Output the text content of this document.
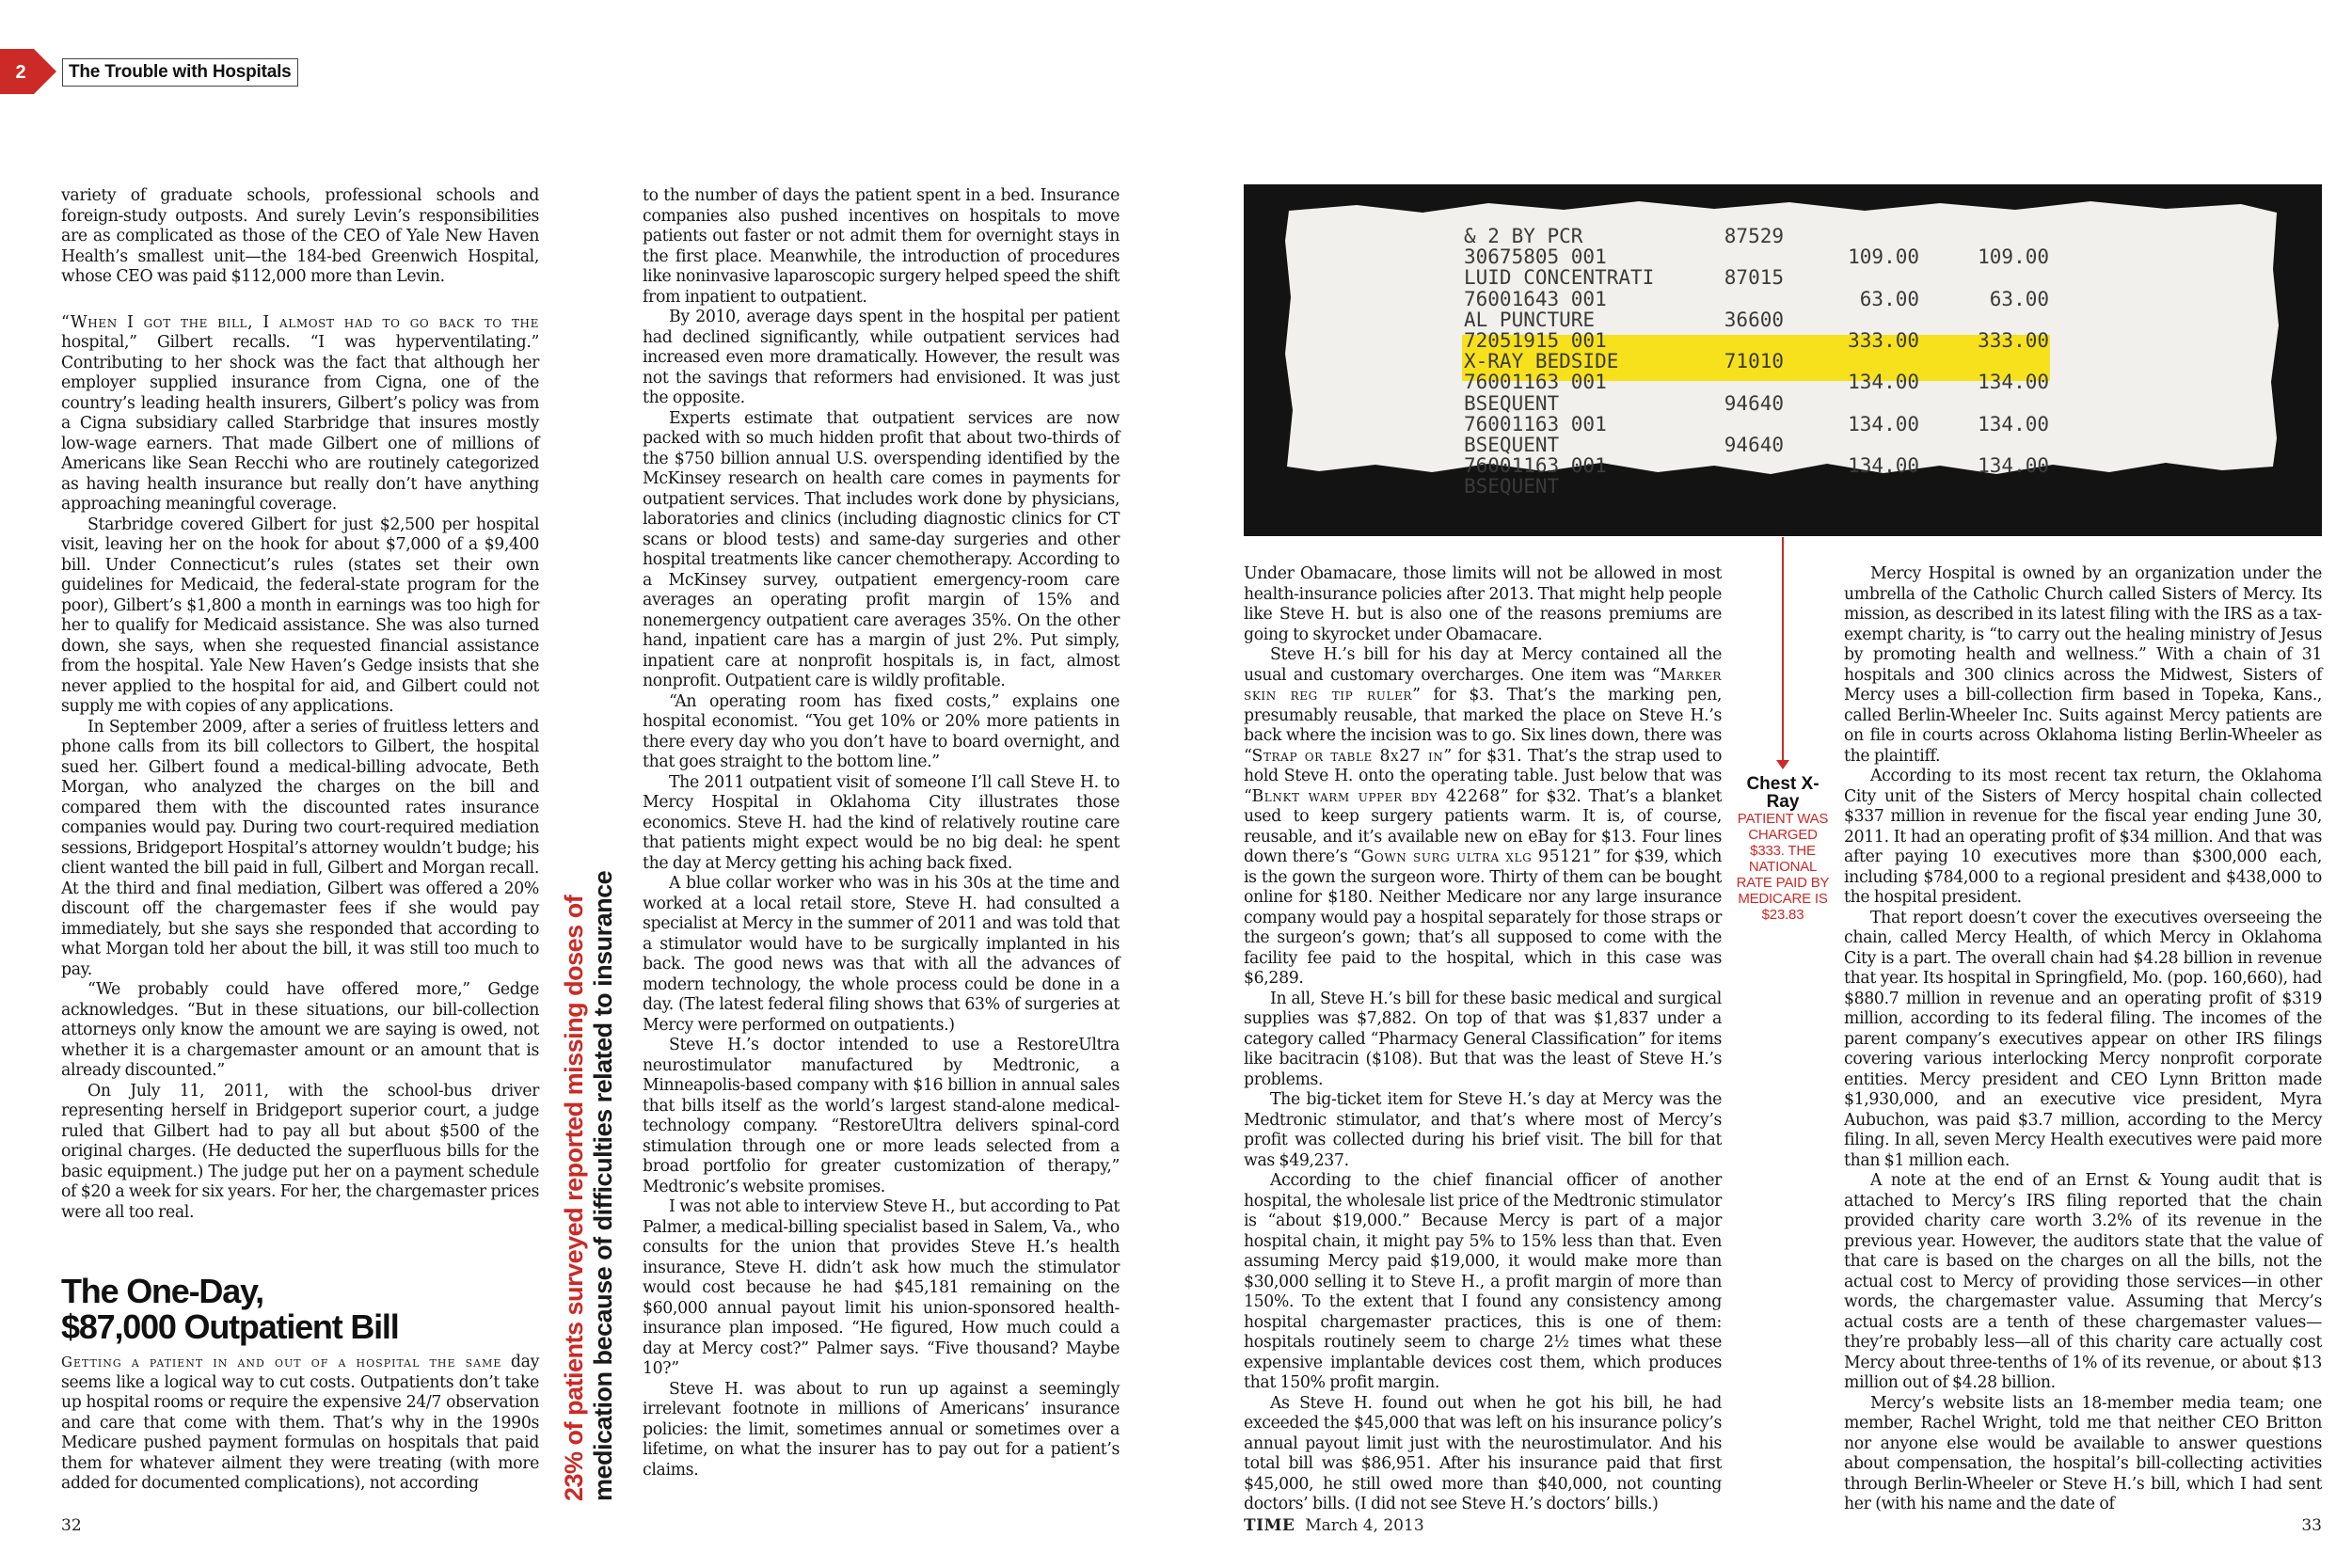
2	The Trouble with Hospitals

variety of graduate schools, professional schools and foreign-study outposts. And surely Levin’s responsibilities are as complicated as those of the CEO of Yale New Haven Health’s smallest unit—the 184-bed Greenwich Hospital, whose CEO was paid $112,000 more than Levin.

“When I got the bill, I almost had to go back to the hospital,” Gilbert recalls. “I was hyperventilating.” Contributing to her shock was the fact that although her employer supplied insurance from Cigna, one of the country’s leading health insurers, Gilbert’s policy was from a Cigna subsidiary called Starbridge that insures mostly low-wage earners. That made Gilbert one of millions of Americans like Sean Recchi who are routinely categorized as having health insurance but really don’t have anything approaching meaningful coverage.

Starbridge covered Gilbert for just $2,500 per hospital visit, leaving her on the hook for about $7,000 of a $9,400 bill. Under Connecticut’s rules (states set their own guidelines for Medicaid, the federal-state program for the poor), Gilbert’s $1,800 a month in earnings was too high for her to qualify for Medicaid assistance. She was also turned down, she says, when she requested financial assistance from the hospital. Yale New Haven’s Gedge insists that she never applied to the hospital for aid, and Gilbert could not supply me with copies of any applications.

In September 2009, after a series of fruitless letters and phone calls from its bill collectors to Gilbert, the hospital sued her. Gilbert found a medical-billing advocate, Beth Morgan, who analyzed the charges on the bill and compared them with the discounted rates insurance companies would pay. During two court-required mediation sessions, Bridgeport Hospital’s attorney wouldn’t budge; his client wanted the bill paid in full, Gilbert and Morgan recall. At the third and final mediation, Gilbert was offered a 20% discount off the chargemaster fees if she would pay immediately, but she says she responded that according to what Morgan told her about the bill, it was still too much to pay.

“We probably could have offered more,” Gedge acknowledges. “But in these situations, our bill-collection attorneys only know the amount we are saying is owed, not whether it is a chargemaster amount or an amount that is already discounted.”

On July 11, 2011, with the school-bus driver representing herself in Bridgeport superior court, a judge ruled that Gilbert had to pay all but about $500 of the original charges. (He deducted the superfluous bills for the basic equipment.) The judge put her on a payment schedule of $20 a week for six years. For her, the chargemaster prices were all too real.

The One-Day,
$87,000 Outpatient Bill

Getting a patient in and out of a hospital the same day seems like a logical way to cut costs. Outpatients don’t take up hospital rooms or require the expensive 24/7 observation and care that come with them. That’s why in the 1990s Medicare pushed payment formulas on hospitals that paid them for whatever ailment they were treating (with more added for documented complications), not according	23% of patients surveyed reported missing doses of medication because of difficulties related to insurance

to the number of days the patient spent in a bed. Insurance companies also pushed incentives on hospitals to move patients out faster or not admit them for overnight stays in the first place. Meanwhile, the introduction of procedures like noninvasive laparoscopic surgery helped speed the shift from inpatient to outpatient.

By 2010, average days spent in the hospital per patient had declined significantly, while outpatient services had increased even more dramatically. However, the result was not the savings that reformers had envisioned. It was just the opposite.

Experts estimate that outpatient services are now packed with so much hidden profit that about two-thirds of the $750 billion annual U.S. overspending identified by the McKinsey research on health care comes in payments for outpatient services. That includes work done by physicians, laboratories and clinics (including diagnostic clinics for CT scans or blood tests) and same-day surgeries and other hospital treatments like cancer chemotherapy. According to a McKinsey survey, outpatient emergency-room care averages an operating profit margin of 15% and nonemergency outpatient care averages 35%. On the other hand, inpatient care has a margin of just 2%. Put simply, inpatient care at nonprofit hospitals is, in fact, almost nonprofit. Outpatient care is wildly profitable.

“An operating room has fixed costs,” explains one hospital economist. “You get 10% or 20% more patients in there every day who you don’t have to board overnight, and that goes straight to the bottom line.”

The 2011 outpatient visit of someone I’ll call Steve H. to Mercy Hospital in Oklahoma City illustrates those economics. Steve H. had the kind of relatively routine care that patients might expect would be no big deal: he spent the day at Mercy getting his aching back fixed.

A blue collar worker who was in his 30s at the time and worked at a local retail store, Steve H. had consulted a specialist at Mercy in the summer of 2011 and was told that a stimulator would have to be surgically implanted in his back. The good news was that with all the advances of modern technology, the whole process could be done in a day. (The latest federal filing shows that 63% of surgeries at Mercy were performed on outpatients.)

Steve H.’s doctor intended to use a RestoreUltra neurostimulator manufactured by Medtronic, a Minneapolis-based company with $16 billion in annual sales that bills itself as the world’s largest stand-alone medical-technology company. “RestoreUltra delivers spinal-cord stimulation through one or more leads selected from a broad portfolio for greater customization of therapy,” Medtronic’s website promises.

I was not able to interview Steve H., but according to Pat Palmer, a medical-billing specialist based in Salem, Va., who consults for the union that provides Steve H.’s health insurance, Steve H. didn’t ask how much the stimulator would cost because he had $45,181 remaining on the $60,000 annual payout limit his union-sponsored health-insurance plan imposed. “He figured, How much could a day at Mercy cost?” Palmer says. “Five thousand? Maybe 10?”

Steve H. was about to run up against a seemingly irrelevant footnote in millions of Americans’ insurance policies: the limit, sometimes annual or sometimes over a lifetime, on what the insurer has to pay out for a patient’s claims.

& 2 BY PCR	87529
30675805 001	109.00	109.00
LUID CONCENTRATI	87015
76001643 001	63.00	63.00
AL PUNCTURE	36600
72051915 001	333.00	333.00
X-RAY BEDSIDE	71010
76001163 001	134.00	134.00
BSEQUENT	94640
76001163 001	134.00	134.00
BSEQUENT	94640
76001163 001	134.00	134.00
BSEQUENT
Chest X-Ray
PATIENT WAS CHARGED $333. THE NATIONAL RATE PAID BY MEDICARE IS $23.83

Under Obamacare, those limits will not be allowed in most health-insurance policies after 2013. That might help people like Steve H. but is also one of the reasons premiums are going to skyrocket under Obamacare.

Steve H.’s bill for his day at Mercy contained all the usual and customary overcharges. One item was “Marker skin reg tip ruler” for $3. That’s the marking pen, presumably reusable, that marked the place on Steve H.’s back where the incision was to go. Six lines down, there was “Strap or table 8x27 in” for $31. That’s the strap used to hold Steve H. onto the operating table. Just below that was “Blnkt warm upper bdy 42268” for $32. That’s a blanket used to keep surgery patients warm. It is, of course, reusable, and it’s available new on eBay for $13. Four lines down there’s “Gown surg ultra xlg 95121” for $39, which is the gown the surgeon wore. Thirty of them can be bought online for $180. Neither Medicare nor any large insurance company would pay a hospital separately for those straps or the surgeon’s gown; that’s all supposed to come with the facility fee paid to the hospital, which in this case was $6,289.

In all, Steve H.’s bill for these basic medical and surgical supplies was $7,882. On top of that was $1,837 under a category called “Pharmacy General Classification” for items like bacitracin ($108). But that was the least of Steve H.’s problems.

The big-ticket item for Steve H.’s day at Mercy was the Medtronic stimulator, and that’s where most of Mercy’s profit was collected during his brief visit. The bill for that was $49,237.

According to the chief financial officer of another hospital, the wholesale list price of the Medtronic stimulator is “about $19,000.” Because Mercy is part of a major hospital chain, it might pay 5% to 15% less than that. Even assuming Mercy paid $19,000, it would make more than $30,000 selling it to Steve H., a profit margin of more than 150%. To the extent that I found any consistency among hospital chargemaster practices, this is one of them: hospitals routinely seem to charge 2½ times what these expensive implantable devices cost them, which produces that 150% profit margin.

As Steve H. found out when he got his bill, he had exceeded the $45,000 that was left on his insurance policy’s annual payout limit just with the neurostimulator. And his total bill was $86,951. After his insurance paid that first $45,000, he still owed more than $40,000, not counting doctors’ bills. (I did not see Steve H.’s doctors’ bills.)

Mercy Hospital is owned by an organization under the umbrella of the Catholic Church called Sisters of Mercy. Its mission, as described in its latest filing with the IRS as a tax-exempt charity, is “to carry out the healing ministry of Jesus by promoting health and wellness.” With a chain of 31 hospitals and 300 clinics across the Midwest, Sisters of Mercy uses a bill-collection firm based in Topeka, Kans., called Berlin-Wheeler Inc. Suits against Mercy patients are on file in courts across Oklahoma listing Berlin-Wheeler as the plaintiff.

According to its most recent tax return, the Oklahoma City unit of the Sisters of Mercy hospital chain collected $337 million in revenue for the fiscal year ending June 30, 2011. It had an operating profit of $34 million. And that was after paying 10 executives more than $300,000 each, including $784,000 to a regional president and $438,000 to the hospital president.

That report doesn’t cover the executives overseeing the chain, called Mercy Health, of which Mercy in Oklahoma City is a part. The overall chain had $4.28 billion in revenue that year. Its hospital in Springfield, Mo. (pop. 160,660), had $880.7 million in revenue and an operating profit of $319 million, according to its federal filing. The incomes of the parent company’s executives appear on other IRS filings covering various interlocking Mercy nonprofit corporate entities. Mercy president and CEO Lynn Britton made $1,930,000, and an executive vice president, Myra Aubuchon, was paid $3.7 million, according to the Mercy filing. In all, seven Mercy Health executives were paid more than $1 million each.

A note at the end of an Ernst & Young audit that is attached to Mercy’s IRS filing reported that the chain provided charity care worth 3.2% of its revenue in the previous year. However, the auditors state that the value of that care is based on the charges on all the bills, not the actual cost to Mercy of providing those services—in other words, the chargemaster value. Assuming that Mercy’s actual costs are a tenth of these chargemaster values—they’re probably less—all of this charity care actually cost Mercy about three-tenths of 1% of its revenue, or about $13 million out of $4.28 billion.

Mercy’s website lists an 18-member media team; one member, Rachel Wright, told me that neither CEO Britton nor anyone else would be available to answer questions about compensation, the hospital’s bill-collecting activities through Berlin-Wheeler or Steve H.’s bill, which I had sent her (with his name and the date of

32	TIME March 4, 2013	33
